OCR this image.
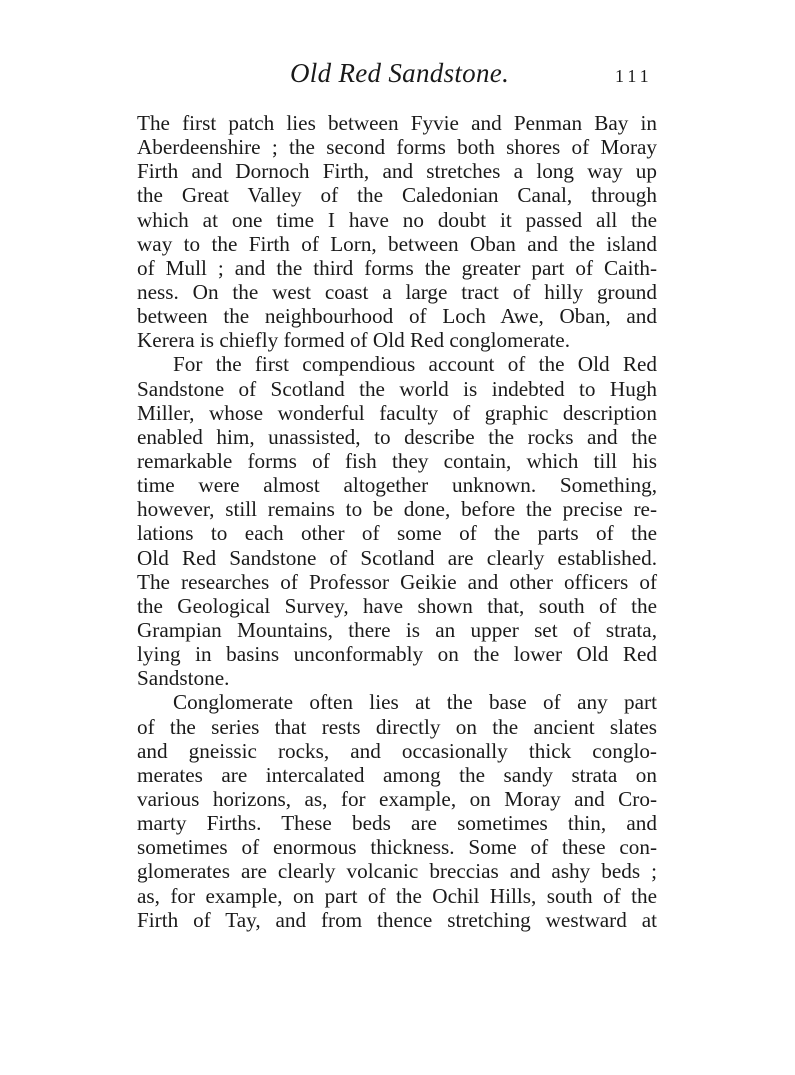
Old Red Sandstone.	111
The first patch lies between Fyvie and Penman Bay in
Aberdeenshire ; the second forms both shores of Moray
Firth and Dornoch Firth, and stretches a long way up
the Great Valley of the Caledonian Canal, through
which at one time I have no doubt it passed all the
way to the Firth of Lorn, between Oban and the island
of Mull ; and the third forms the greater part of Caith-
ness. On the west coast a large tract of hilly ground
between the neighbourhood of Loch Awe, Oban, and
Kerera is chiefly formed of Old Red conglomerate.
For the first compendious account of the Old Red
Sandstone of Scotland the world is indebted to Hugh
Miller, whose wonderful faculty of graphic description
enabled him, unassisted, to describe the rocks and the
remarkable forms of fish they contain, which till his
time were almost altogether unknown. Something,
however, still remains to be done, before the precise re-
lations to each other of some of the parts of the
Old Red Sandstone of Scotland are clearly established.
The researches of Professor Geikie and other officers of
the Geological Survey, have shown that, south of the
Grampian Mountains, there is an upper set of strata,
lying in basins unconformably on the lower Old Red
Sandstone.
Conglomerate often lies at the base of any part
of the series that rests directly on the ancient slates
and gneissic rocks, and occasionally thick conglo-
merates are intercalated among the sandy strata on
various horizons, as, for example, on Moray and Cro-
marty Firths. These beds are sometimes thin, and
sometimes of enormous thickness. Some of these con-
glomerates are clearly volcanic breccias and ashy beds ;
as, for example, on part of the Ochil Hills, south of the
Firth of Tay, and from thence stretching westward at
